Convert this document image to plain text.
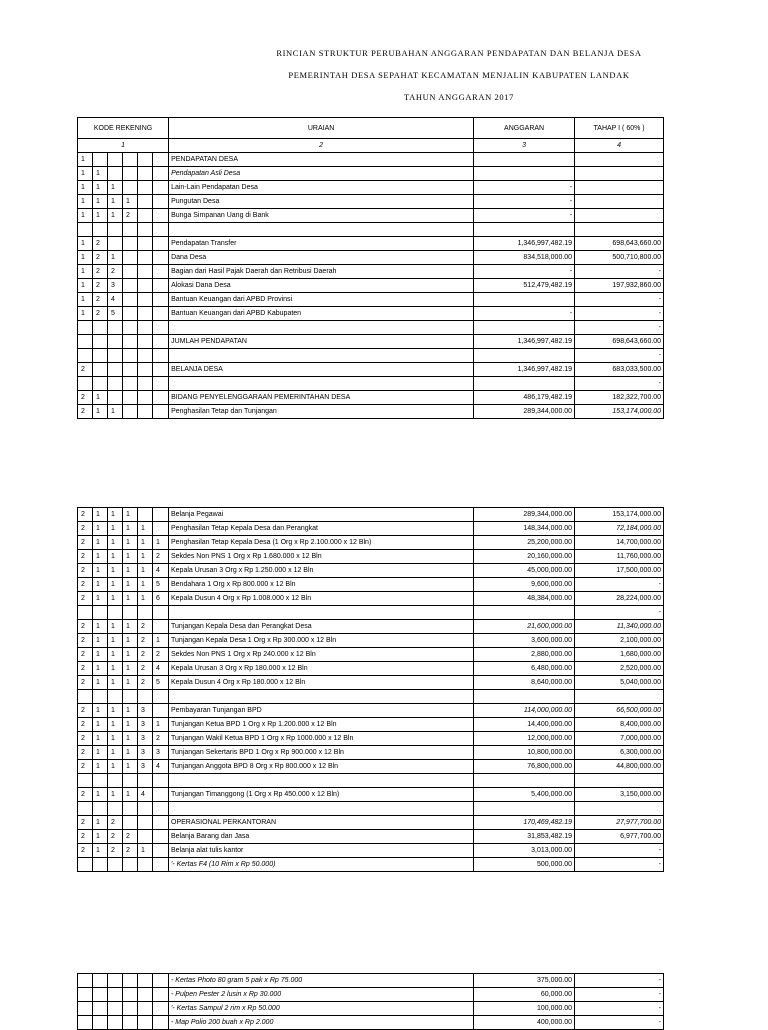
RINCIAN STRUKTUR PERUBAHAN ANGGARAN PENDAPATAN DAN BELANJA DESA
PEMERINTAH DESA SEPAHAT KECAMATAN MENJALIN KABUPATEN LANDAK
TAHUN ANGGARAN 2017
KODE REKENING						URAIAN	ANGGARAN	TAHAP I ( 60% )
1						2	3	4
1						PENDAPATAN DESA		
1	1					Pendapatan Asli Desa		
1	1	1				Lain-Lain Pendapatan Desa	-	
1	1	1	1			Pungutan Desa	-	
1	1	1	2			Bunga Simpanan Uang di Bank	-	

1	2					Pendapatan Transfer	1,346,997,482.19	698,643,660.00
1	2	1				Dana Desa	834,518,000.00	500,710,800.00
1	2	2				Bagian dari Hasil Pajak Daerah dan Retribusi Daerah	-	-
1	2	3				Alokasi Dana Desa	512,479,482.19	197,932,860.00
1	2	4				Bantuan Keuangan dari APBD Provinsi		-
1	2	5				Bantuan Keuangan dari APBD Kabupaten	-	-
								-
						JUMLAH PENDAPATAN	1,346,997,482.19	698,643,660.00
								-
2						BELANJA DESA	1,346,997,482.19	683,033,500.00
								-
2	1					BIDANG PENYELENGGARAAN PEMERINTAHAN DESA	486,179,482.19	182,322,700.00
2	1	1				Penghasilan Tetap dan Tunjangan	289,344,000.00	153,174,000.00
2	1	1	1			Belanja Pegawai	289,344,000.00	153,174,000.00
2	1	1	1	1		Penghasilan Tetap Kepala Desa dan Perangkat	148,344,000.00	72,184,000.00
2	1	1	1	1	1	Penghasilan Tetap Kepala Desa (1 Org x Rp 2.100.000 x 12 Bln)	25,200,000.00	14,700,000.00
2	1	1	1	1	2	Sekdes Non PNS 1 Org x Rp 1.680.000 x 12 Bln	20,160,000.00	11,760,000.00
2	1	1	1	1	4	Kepala Urusan 3 Org x Rp 1.250.000 x 12 Bln	45,000,000.00	17,500,000.00
2	1	1	1	1	5	Bendahara 1 Org x Rp 800.000 x 12 Bln	9,600,000.00	-
2	1	1	1	1	6	Kepala Dusun 4 Org x Rp 1.008.000 x 12 Bln	48,384,000.00	28,224,000.00
								-
2	1	1	1	2		Tunjangan Kepala Desa dan Perangkat Desa	21,600,000.00	11,340,000.00
2	1	1	1	2	1	Tunjangan Kepala Desa 1 Org x Rp 300.000 x 12 Bln	3,600,000.00	2,100,000.00
2	1	1	1	2	2	Sekdes Non PNS 1 Org x Rp 240.000 x 12 Bln	2,880,000.00	1,680,000.00
2	1	1	1	2	4	Kepala Urusan 3 Org x Rp 180.000 x 12 Bln	6,480,000.00	2,520,000.00
2	1	1	1	2	5	Kepala Dusun 4 Org x Rp 180.000 x 12 Bln	8,640,000.00	5,040,000.00

2	1	1	1	3		Pembayaran Tunjangan BPD	114,000,000.00	66,500,000.00
2	1	1	1	3	1	Tunjangan Ketua BPD 1 Org x Rp 1.200.000 x 12 Bln	14,400,000.00	8,400,000.00
2	1	1	1	3	2	Tunjangan Wakil Ketua BPD 1 Org x Rp 1000.000 x 12 Bln	12,000,000.00	7,000,000.00
2	1	1	1	3	3	Tunjangan Sekertaris BPD 1 Org x Rp 900.000 x 12 Bln	10,800,000.00	6,300,000.00
2	1	1	1	3	4	Tunjangan Anggota BPD 8 Org x Rp 800.000 x 12 Bln	76,800,000.00	44,800,000.00

2	1	1	1	4		Tunjangan Timanggong (1 Org x Rp 450.000 x 12 Bln)	5,400,000.00	3,150,000.00

2	1	2				OPERASIONAL PERKANTORAN	170,469,482.19	27,977,700.00
2	1	2	2			Belanja Barang dan Jasa	31,853,482.19	6,977,700.00
2	1	2	2	1		Belanja alat tulis kantor	3,013,000.00	-
						'- Kertas F4 (10 Rim x Rp 50.000)	500,000.00	-
						- Kertas Photo 80 gram 5 pak x Rp 75.000	375,000.00	-
						- Pulpen Pester 2 lusin x Rp 30.000	60,000.00	-
						'- Kertas Sampul 2 rim x Rp 50.000	100,000.00	-
						- Map Polio 200 buah x Rp 2.000	400,000.00	-
